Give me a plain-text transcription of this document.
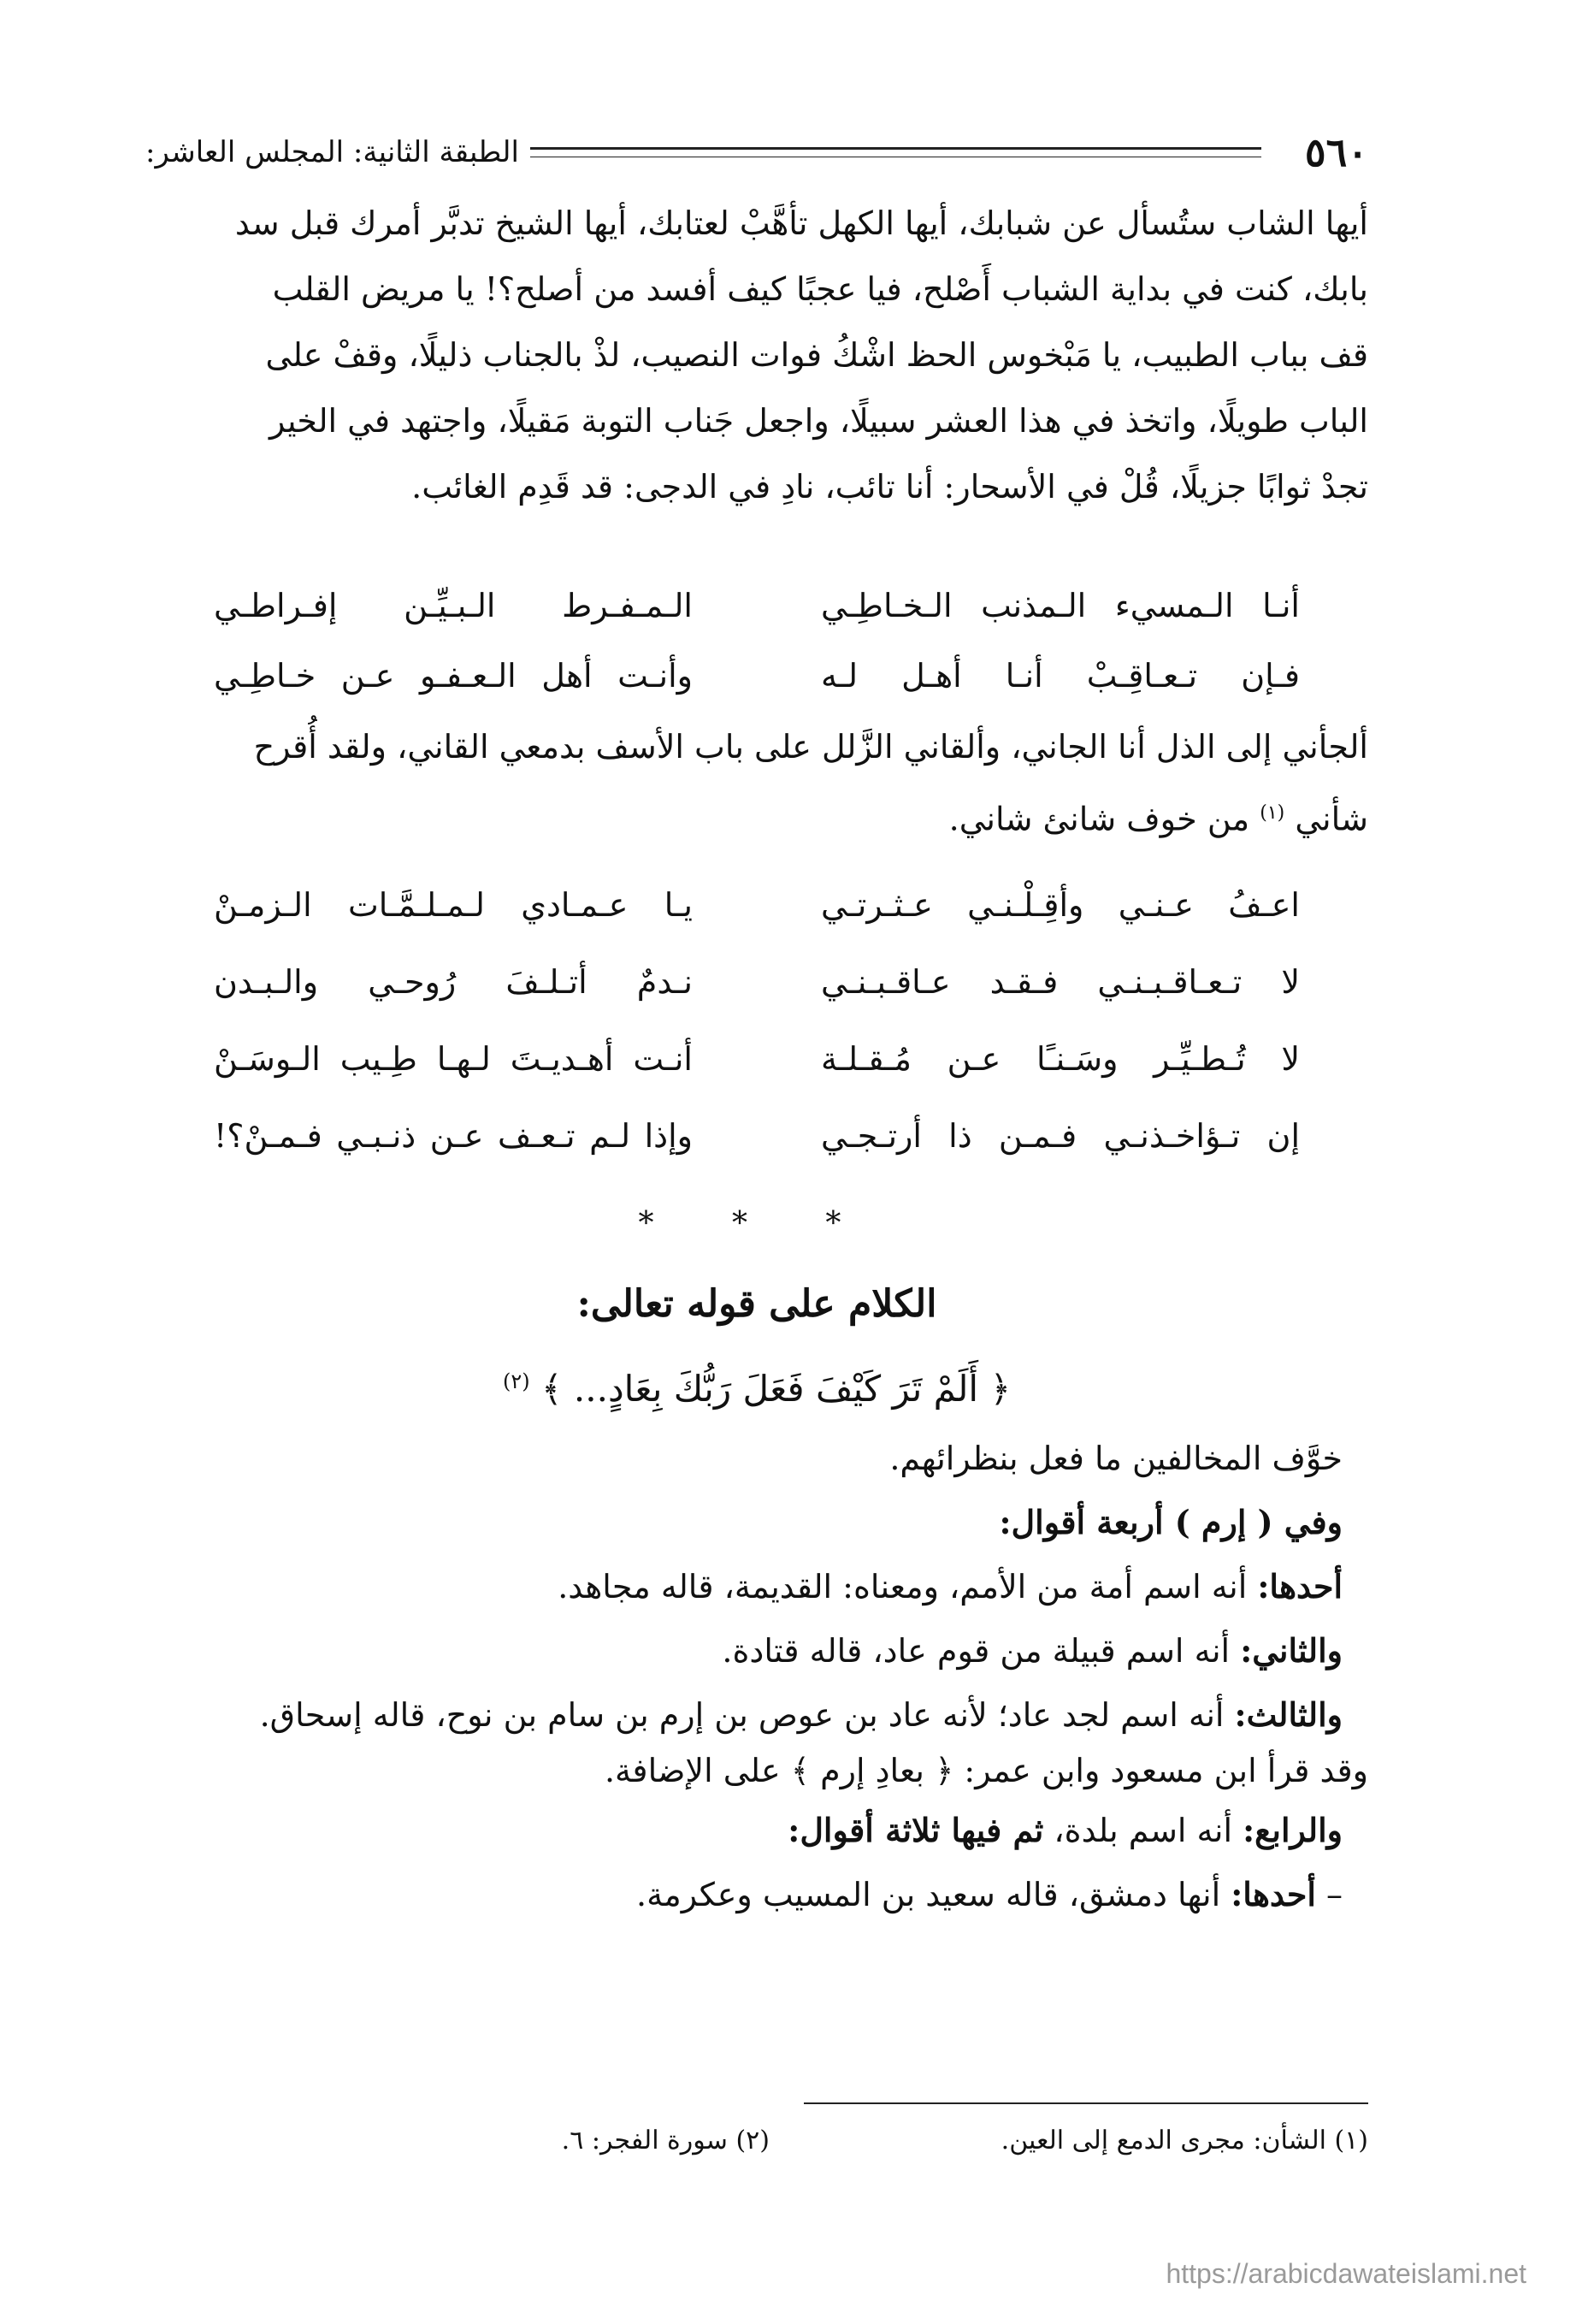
٥٦٠
الطبقة الثانية: المجلس العاشر:
أيها الشاب ستُسأل عن شبابك، أيها الكهل تأهَّبْ لعتابك، أيها الشيخ تدبَّر أمرك قبل سد
بابك، كنت في بداية الشباب أَصْلح، فيا عجبًا كيف أفسد من أصلح؟! يا مريض القلب
قف بباب الطبيب، يا مَبْخوس الحظ اشْكُ فوات النصيب، لذْ بالجناب ذليلًا، وقفْ على
الباب طويلًا، واتخذ في هذا العشر سبيلًا، واجعل جَناب التوبة مَقيلًا، واجتهد في الخير
تجدْ ثوابًا جزيلًا، قُلْ في الأسحار: أنا تائب، نادِ في الدجى: قد قَدِم الغائب.
أنـا الـمسيء الـمذنب الـخـاطِـي
الـمـفـرط الـبـيِّـن إفـراطـي
فـإن تـعـاقِـبْ أنـا أهـل لـه
وأنـت أهل الـعـفـو عـن خـاطِـي
ألجأني إلى الذل أنا الجاني، وألقاني الزَّلل على باب الأسف بدمعي القاني، ولقد أُقرح
شأني $^{(١)}$ من خوف شانئ شاني.
اعـفُ عـنـي وأقِـلْـنـي عـثـرتـي
يـا عـمـادي لـمـلـمَّـات الـزمـنْ
لا تـعـاقـبـنـي فـقـد عـاقـبـنـي
نـدمٌ أتـلـفَ رُوحـي والـبـدن
لا تُـطـيِّـر وسَـنـًا عـن مُـقـلـة
أنـت أهـديـتَ لـهـا طِـيب الـوسَـنْ
إن تـؤاخـذنـي فـمـن ذا أرتـجـي
وإذا لـم تـعـف عـن ذنـبـي فـمـنْ؟!
* * *
الكلام على قوله تعالى:
﴿ أَلَمْ تَرَ كَيْفَ فَعَلَ رَبُّكَ بِعَادٍ... ﴾ $^{(٢)}$
خوَّف المخالفين ما فعل بنظرائهم.
وفي ( إرم ) أربعة أقوال:
أحدها: أنه اسم أمة من الأمم، ومعناه: القديمة، قاله مجاهد.
والثاني: أنه اسم قبيلة من قوم عاد، قاله قتادة.
والثالث: أنه اسم لجد عاد؛ لأنه عاد بن عوص بن إرم بن سام بن نوح، قاله إسحاق.
وقد قرأ ابن مسعود وابن عمر: ﴿ بعادِ إرم ﴾ على الإضافة.
والرابع: أنه اسم بلدة، ثم فيها ثلاثة أقوال:
– أحدها: أنها دمشق، قاله سعيد بن المسيب وعكرمة.
(١) الشأن: مجرى الدمع إلى العين.
(٢) سورة الفجر: ٦.
https://arabicdawateislami.net
